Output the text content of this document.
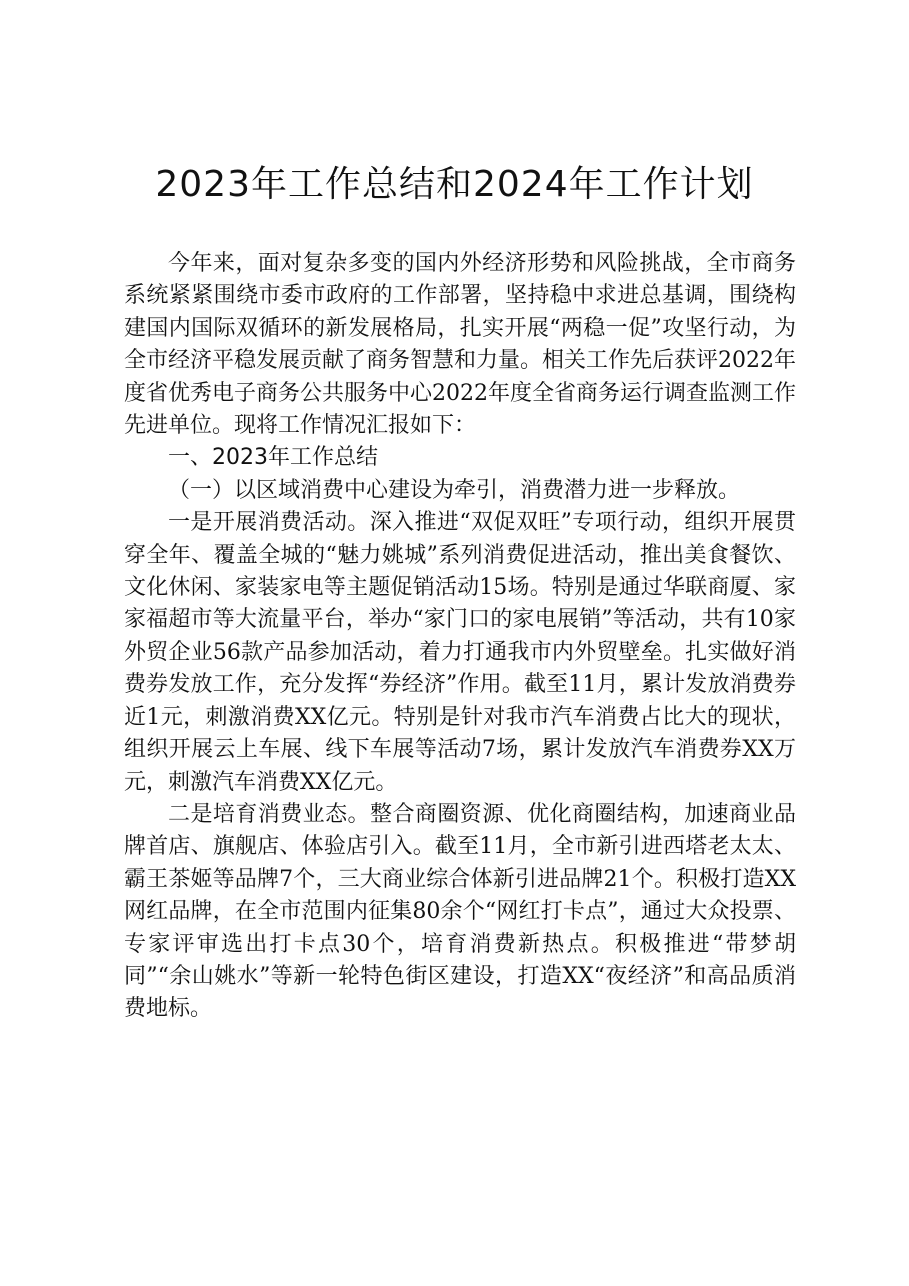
2023年工作总结和2024年工作计划

今年来，面对复杂多变的国内外经济形势和风险挑战，全市商务系统紧紧围绕市委市政府的工作部署，坚持稳中求进总基调，围绕构建国内国际双循环的新发展格局，扎实开展“两稳一促”攻坚行动，为全市经济平稳发展贡献了商务智慧和力量。相关工作先后获评2022年度省优秀电子商务公共服务中心2022年度全省商务运行调查监测工作先进单位。现将工作情况汇报如下：

一、2023年工作总结

（一）以区域消费中心建设为牵引，消费潜力进一步释放。

一是开展消费活动。深入推进“双促双旺”专项行动，组织开展贯穿全年、覆盖全城的“魅力姚城”系列消费促进活动，推出美食餐饮、文化休闲、家装家电等主题促销活动15场。特别是通过华联商厦、家家福超市等大流量平台，举办“家门口的家电展销”等活动，共有10家外贸企业56款产品参加活动，着力打通我市内外贸壁垒。扎实做好消费券发放工作，充分发挥“券经济”作用。截至11月，累计发放消费券近1元，刺激消费XX亿元。特别是针对我市汽车消费占比大的现状，组织开展云上车展、线下车展等活动7场，累计发放汽车消费券XX万元，刺激汽车消费XX亿元。

二是培育消费业态。整合商圈资源、优化商圈结构，加速商业品牌首店、旗舰店、体验店引入。截至11月，全市新引进西塔老太太、霸王茶姬等品牌7个，三大商业综合体新引进品牌21个。积极打造XX网红品牌，在全市范围内征集80余个“网红打卡点”，通过大众投票、专家评审选出打卡点30个，培育消费新热点。积极推进“带梦胡同”“余山姚水”等新一轮特色街区建设，打造XX“夜经济”和高品质消费地标。
